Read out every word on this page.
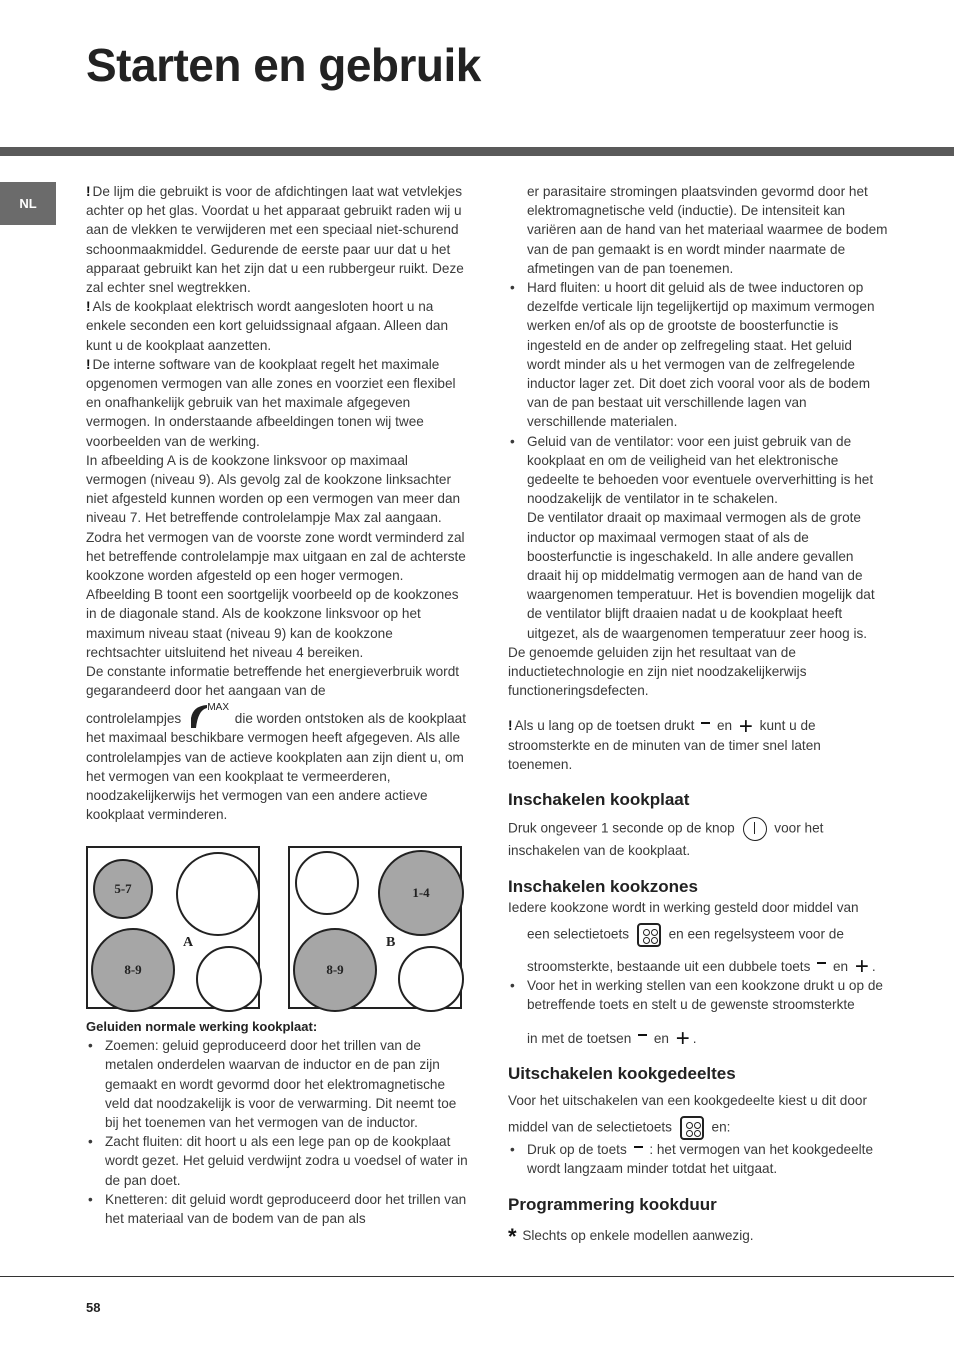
Starten en gebruik
NL

! De lijm die gebruikt is voor de afdichtingen laat wat vetvlekjes achter op het glas. Voordat u het apparaat gebruikt raden wij u aan de vlekken te verwijderen met een speciaal niet-schurend schoonmaakmiddel. Gedurende de eerste paar uur dat u het apparaat gebruikt kan het zijn dat u een rubbergeur ruikt. Deze zal echter snel wegtrekken.

! Als de kookplaat elektrisch wordt aangesloten hoort u na enkele seconden een kort geluidssignaal afgaan. Alleen dan kunt u de kookplaat aanzetten.

! De interne software van de kookplaat regelt het maximale opgenomen vermogen van alle zones en voorziet een flexibel en onafhankelijk gebruik van het maximale afgegeven vermogen. In onderstaande afbeeldingen tonen wij twee voorbeelden van de werking.

In afbeelding A is de kookzone linksvoor op maximaal vermogen (niveau 9). Als gevolg zal de kookzone linksachter niet afgesteld kunnen worden op een vermogen van meer dan niveau 7. Het betreffende controlelampje Max zal aangaan. Zodra het vermogen van de voorste zone wordt verminderd zal het betreffende controlelampje max uitgaan en zal de achterste kookzone worden afgesteld op een hoger vermogen.

Afbeelding B toont een soortgelijk voorbeeld op de kookzones in de diagonale stand. Als de kookzone linksvoor op het maximum niveau staat (niveau 9) kan de kookzone rechtsachter uitsluitend het niveau 4 bereiken.

De constante informatie betreffende het energieverbruik wordt gegarandeerd door het aangaan van de

controlelampjes
MAX
die worden ontstoken als de kookplaat het maximaal beschikbare vermogen heeft afgegeven. Als alle controlelampjes van de actieve kookplaten aan zijn dient u, om het vermogen van een kookplaat te vermeerderen, noodzakelijkerwijs het vermogen van een andere actieve kookplaat verminderen.

5-7
8-9
A
1-4
8-9
B

Geluiden normale werking kookplaat:

• Zoemen: geluid geproduceerd door het trillen van de metalen onderdelen waarvan de inductor en de pan zijn gemaakt en wordt gevormd door het elektromagnetische veld dat noodzakelijk is voor de verwarming. Dit neemt toe bij het toenemen van het vermogen van de inductor.

• Zacht fluiten: dit hoort u als een lege pan op de kookplaat wordt gezet. Het geluid verdwijnt zodra u voedsel of water in de pan doet.

• Knetteren: dit geluid wordt geproduceerd door het trillen van het materiaal van de bodem van de pan als

er parasitaire stromingen plaatsvinden gevormd door het elektromagnetische veld (inductie). De intensiteit kan variëren aan de hand van het materiaal waarmee de bodem van de pan gemaakt is en wordt minder naarmate de afmetingen van de pan toenemen.

• Hard fluiten: u hoort dit geluid als de twee inductoren op dezelfde verticale lijn tegelijkertijd op maximum vermogen werken en/of als op de grootste de boosterfunctie is ingesteld en de ander op zelfregeling staat. Het geluid wordt minder als u het vermogen van de zelfregelende inductor lager zet. Dit doet zich vooral voor als de bodem van de pan bestaat uit verschillende lagen van verschillende materialen.

• Geluid van de ventilator: voor een juist gebruik van de kookplaat en om de veiligheid van het elektronische gedeelte te behoeden voor eventuele oververhitting is het noodzakelijk de ventilator in te schakelen.

De ventilator draait op maximaal vermogen als de grote inductor op maximaal vermogen staat of als de boosterfunctie is ingeschakeld. In alle andere gevallen draait hij op middelmatig vermogen aan de hand van de waargenomen temperatuur. Het is bovendien mogelijk dat de ventilator blijft draaien nadat u de kookplaat heeft uitgezet, als de waargenomen temperatuur zeer hoog is.

De genoemde geluiden zijn het resultaat van de inductietechnologie en zijn niet noodzakelijkerwijs functioneringsdefecten.

! Als u lang op de toetsen drukt en + kunt u de stroomsterkte en de minuten van de timer snel laten toenemen.

Inschakelen kookplaat

Druk ongeveer 1 seconde op de knop	voor het inschakelen van de kookplaat.

Inschakelen kookzones

Iedere kookzone wordt in werking gesteld door middel van

een selectietoets	en een regelsysteem voor de

stroomsterkte, bestaande uit een dubbele toets en + .

• Voor het in werking stellen van een kookzone drukt u op de betreffende toets en stelt u de gewenste stroomsterkte

in met de toetsen en + .

Uitschakelen kookgedeeltes

Voor het uitschakelen van een kookgedeelte kiest u dit door

middel van de selectietoets	en:

• Druk op de toets : het vermogen van het kookgedeelte wordt langzaam minder totdat het uitgaat.

Programmering kookduur

* Slechts op enkele modellen aanwezig.

58
